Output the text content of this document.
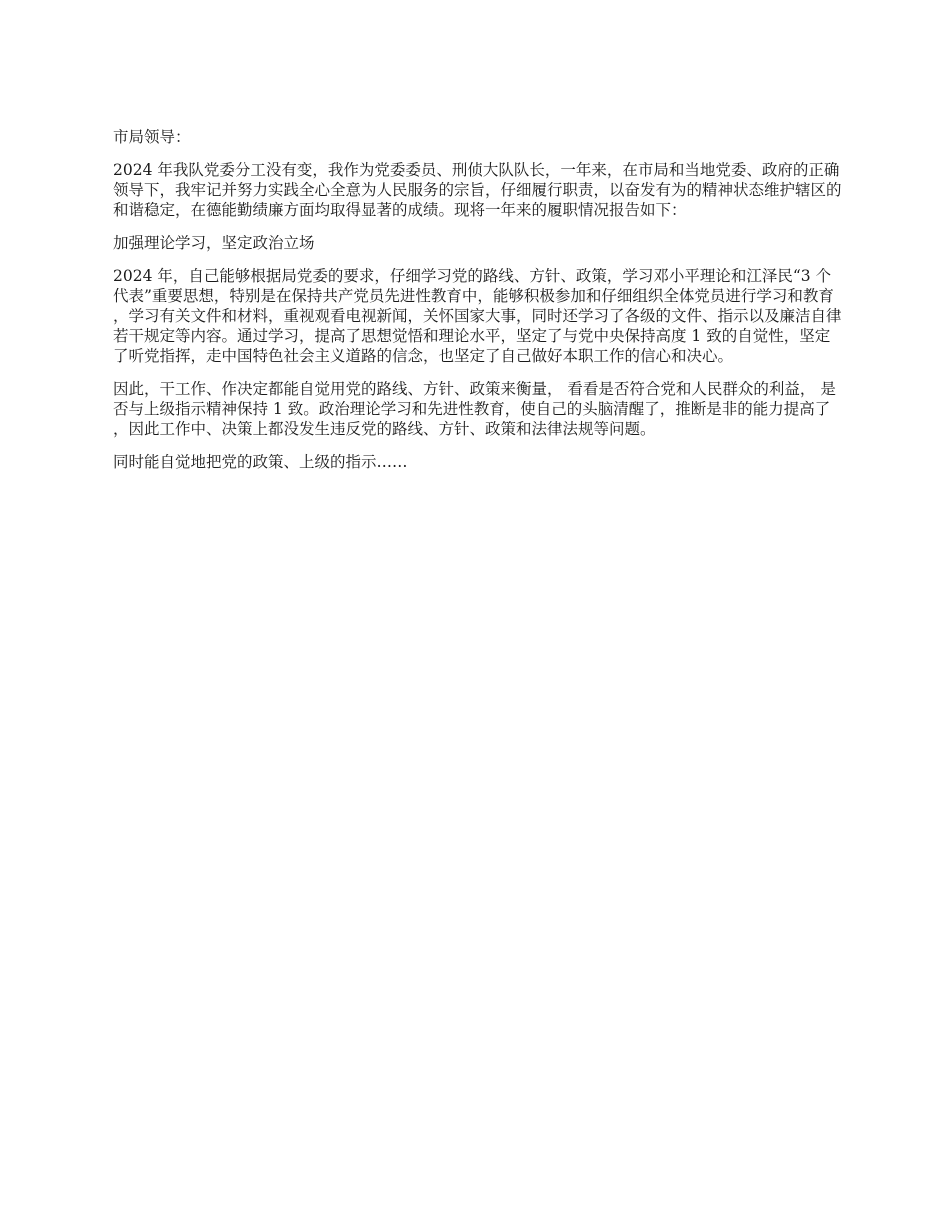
市局领导：

2024 年我队党委分工没有变，我作为党委委员、刑侦大队队长，一年来，在市局和当地党委、政府的正确领导下，我牢记并努力实践全心全意为人民服务的宗旨，仔细履行职责，以奋发有为的精神状态维护辖区的和谐稳定，在德能勤绩廉方面均取得显著的成绩。现将一年来的履职情况报告如下：

加强理论学习，坚定政治立场

2024 年，自己能够根据局党委的要求，仔细学习党的路线、方针、政策，学习邓小平理论和江泽民“3 个代表”重要思想，特别是在保持共产党员先进性教育中，能够积极参加和仔细组织全体党员进行学习和教育，学习有关文件和材料，重视观看电视新闻，关怀国家大事，同时还学习了各级的文件、指示以及廉洁自律若干规定等内容。通过学习，提高了思想觉悟和理论水平，坚定了与党中央保持高度 1 致的自觉性，坚定了听党指挥，走中国特色社会主义道路的信念，也坚定了自己做好本职工作的信心和决心。

因此，干工作、作决定都能自觉用党的路线、方针、政策来衡量， 看看是否符合党和人民群众的利益， 是否与上级指示精神保持 1 致。政治理论学习和先进性教育，使自己的头脑清醒了，推断是非的能力提高了，因此工作中、决策上都没发生违反党的路线、方针、政策和法律法规等问题。

同时能自觉地把党的政策、上级的指示……
